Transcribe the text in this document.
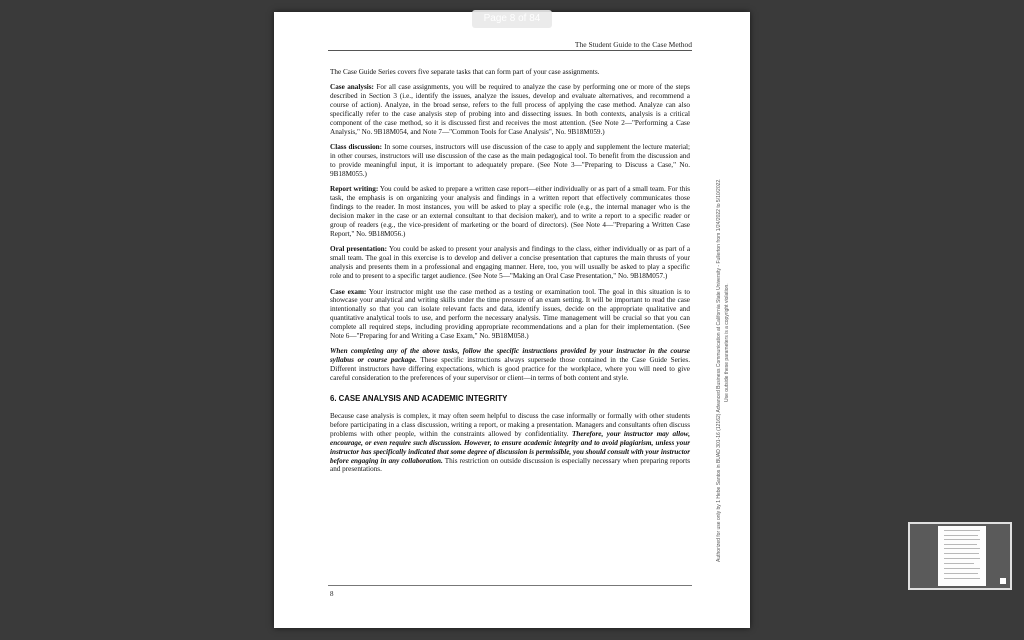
The Student Guide to the Case Method

The Case Guide Series covers five separate tasks that can form part of your case assignments.

Case analysis: For all case assignments, you will be required to analyze the case by performing one or more of the steps described in Section 3 (i.e., identify the issues, analyze the issues, develop and evaluate alternatives, and recommend a course of action). Analyze, in the broad sense, refers to the full process of applying the case method. Analyze can also specifically refer to the case analysis step of probing into and dissecting issues. In both contexts, analysis is a critical component of the case method, so it is discussed first and receives the most attention. (See Note 2—"Performing a Case Analysis," No. 9B18M054, and Note 7—"Common Tools for Case Analysis", No. 9B18M059.)

Class discussion: In some courses, instructors will use discussion of the case to apply and supplement the lecture material; in other courses, instructors will use discussion of the case as the main pedagogical tool. To benefit from the discussion and to provide meaningful input, it is important to adequately prepare. (See Note 3—"Preparing to Discuss a Case," No. 9B18M055.)

Report writing: You could be asked to prepare a written case report—either individually or as part of a small team. For this task, the emphasis is on organizing your analysis and findings in a written report that effectively communicates those findings to the reader. In most instances, you will be asked to play a specific role (e.g., the internal manager who is the decision maker in the case or an external consultant to that decision maker), and to write a report to a specific reader or group of readers (e.g., the vice-president of marketing or the board of directors). (See Note 4—"Preparing a Written Case Report," No. 9B18M056.)

Oral presentation: You could be asked to present your analysis and findings to the class, either individually or as part of a small team. The goal in this exercise is to develop and deliver a concise presentation that captures the main thrusts of your analysis and presents them in a professional and engaging manner. Here, too, you will usually be asked to play a specific role and to present to a specific target audience. (See Note 5—"Making an Oral Case Presentation," No. 9B18M057.)

Case exam: Your instructor might use the case method as a testing or examination tool. The goal in this situation is to showcase your analytical and writing skills under the time pressure of an exam setting. It will be important to read the case intentionally so that you can isolate relevant facts and data, identify issues, decide on the appropriate qualitative and quantitative analytical tools to use, and perform the necessary analysis. Time management will be crucial so that you can complete all required steps, including providing appropriate recommendations and a plan for their implementation. (See Note 6—"Preparing for and Writing a Case Exam," No. 9B18M058.)

When completing any of the above tasks, follow the specific instructions provided by your instructor in the course syllabus or course package. These specific instructions always supersede those contained in the Case Guide Series. Different instructors have differing expectations, which is good practice for the workplace, where you will need to give careful consideration to the preferences of your supervisor or client—in terms of both content and style.

6. CASE ANALYSIS AND ACADEMIC INTEGRITY

Because case analysis is complex, it may often seem helpful to discuss the case informally or formally with other students before participating in a class discussion, writing a report, or making a presentation. Managers and consultants often discuss problems with other people, within the constraints allowed by confidentiality. Therefore, your instructor may allow, encourage, or even require such discussion. However, to ensure academic integrity and to avoid plagiarism, unless your instructor has specifically indicated that some degree of discussion is permissible, you should consult with your instructor before engaging in any collaboration. This restriction on outside discussion is especially necessary when preparing reports and presentations.

8
Authorized for use only by 1 Hebe Santos in BUAD 301-16 (12162) Advanced Business Communication at California State University - Fullerton from 1/24/2022 to 5/10/2022. Use outside these parameters is a copyright violation.
Page 8 of 84
